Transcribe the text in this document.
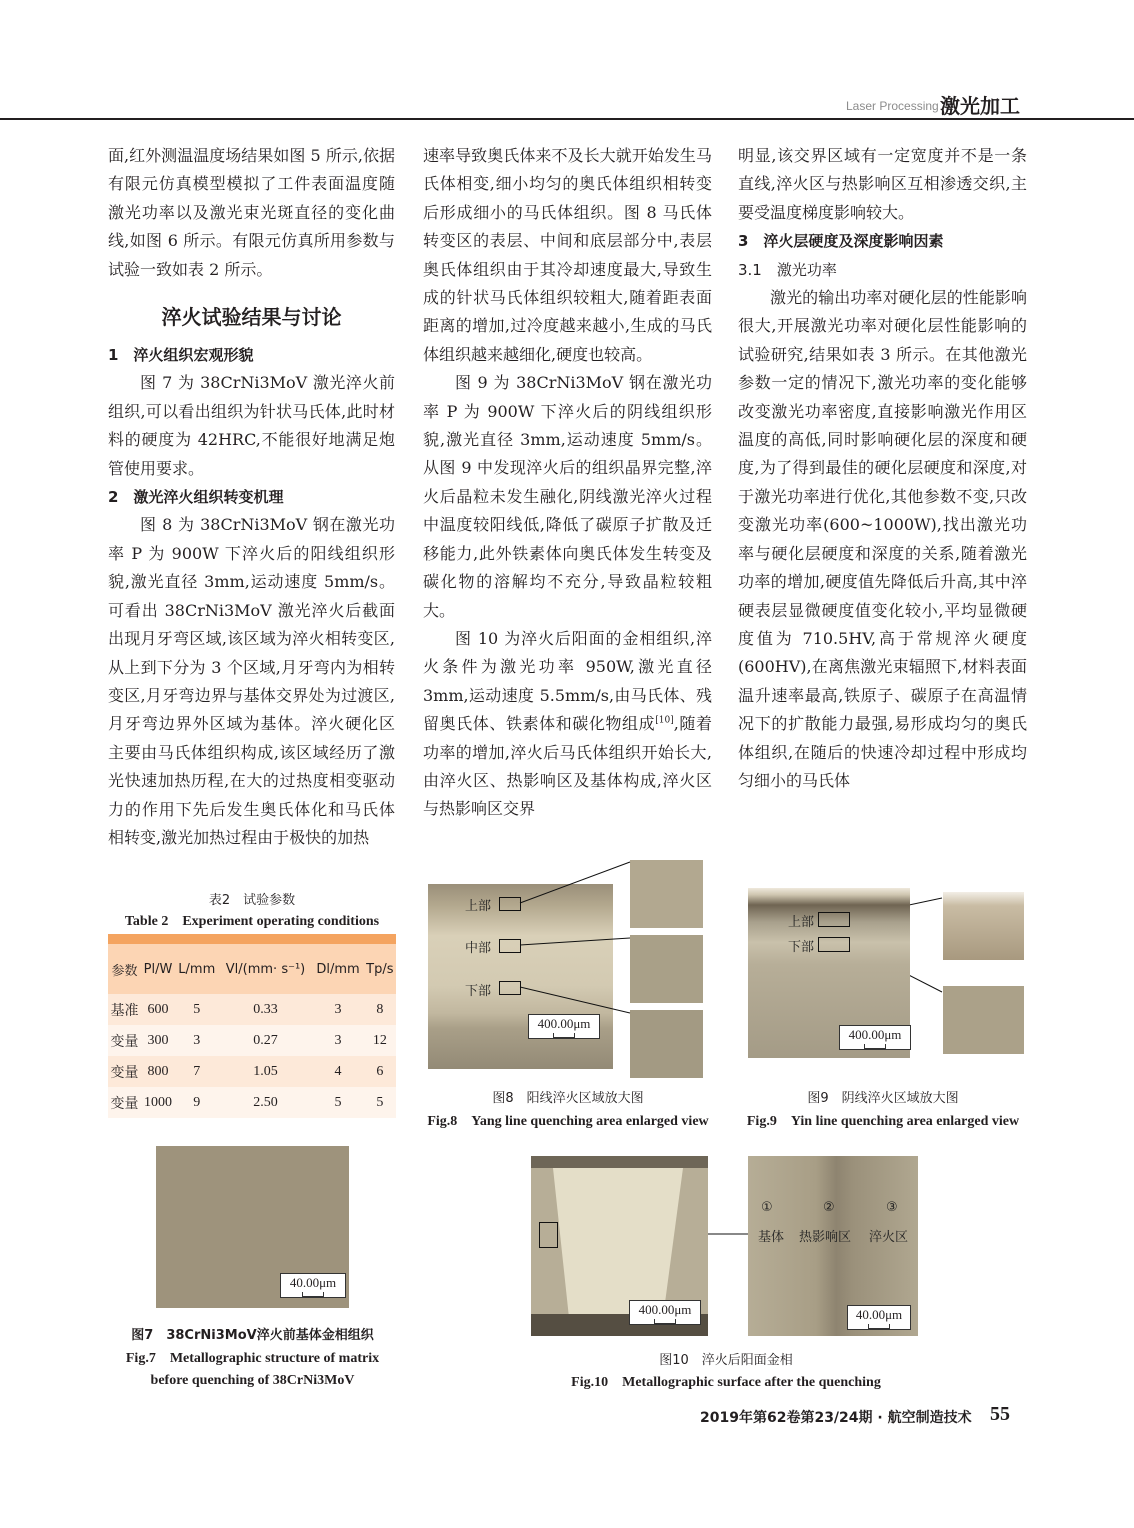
Laser Processing 激光加工

面,红外测温温度场结果如图 5 所示,依据有限元仿真模型模拟了工件表面温度随激光功率以及激光束光斑直径的变化曲线,如图 6 所示。有限元仿真所用参数与试验一致如表 2 所示。

淬火试验结果与讨论

1　淬火组织宏观形貌

图 7 为 38CrNi3MoV 激光淬火前组织,可以看出组织为针状马氏体,此时材料的硬度为 42HRC,不能很好地满足炮管使用要求。

2　激光淬火组织转变机理

图 8 为 38CrNi3MoV 钢在激光功率 P 为 900W 下淬火后的阳线组织形貌,激光直径 3mm,运动速度 5mm/s。可看出 38CrNi3MoV 激光淬火后截面出现月牙弯区域,该区域为淬火相转变区,从上到下分为 3 个区域,月牙弯内为相转变区,月牙弯边界与基体交界处为过渡区,月牙弯边界外区域为基体。淬火硬化区主要由马氏体组织构成,该区域经历了激光快速加热历程,在大的过热度相变驱动力的作用下先后发生奥氏体化和马氏体相转变,激光加热过程由于极快的加热

速率导致奥氏体来不及长大就开始发生马氏体相变,细小均匀的奥氏体组织相转变后形成细小的马氏体组织。图 8 马氏体转变区的表层、中间和底层部分中,表层奥氏体组织由于其冷却速度最大,导致生成的针状马氏体组织较粗大,随着距表面距离的增加,过冷度越来越小,生成的马氏体组织越来越细化,硬度也较高。

图 9 为 38CrNi3MoV 钢在激光功率 P 为 900W 下淬火后的阴线组织形貌,激光直径 3mm,运动速度 5mm/s。从图 9 中发现淬火后的组织晶界完整,淬火后晶粒未发生融化,阴线激光淬火过程中温度较阳线低,降低了碳原子扩散及迁移能力,此外铁素体向奥氏体发生转变及碳化物的溶解均不充分,导致晶粒较粗大。

图 10 为淬火后阳面的金相组织,淬火条件为激光功率 950W,激光直径 3mm,运动速度 5.5mm/s,由马氏体、残留奥氏体、铁素体和碳化物组成[10],随着功率的增加,淬火后马氏体组织开始长大,由淬火区、热影响区及基体构成,淬火区与热影响区交界

明显,该交界区域有一定宽度并不是一条直线,淬火区与热影响区互相渗透交织,主要受温度梯度影响较大。

3　淬火层硬度及深度影响因素

3.1　激光功率

激光的输出功率对硬化层的性能影响很大,开展激光功率对硬化层性能影响的试验研究,结果如表 3 所示。在其他激光参数一定的情况下,激光功率的变化能够改变激光功率密度,直接影响激光作用区温度的高低,同时影响硬化层的深度和硬度,为了得到最佳的硬化层硬度和深度,对于激光功率进行优化,其他参数不变,只改变激光功率(600~1000W),找出激光功率与硬化层硬度和深度的关系,随着激光功率的增加,硬度值先降低后升高,其中淬硬表层显微硬度值变化较小,平均显微硬度值为 710.5HV,高于常规淬火硬度(600HV),在离焦激光束辐照下,材料表面温升速率最高,铁原子、碳原子在高温情况下的扩散能力最强,易形成均匀的奥氏体组织,在随后的快速冷却过程中形成均匀细小的马氏体

表2　试验参数
Table 2　Experiment operating conditions

参数	Pl/W	L/mm	Vl/(mm· s⁻¹)	Dl/mm	Tp/s
基准	600	5	0.33	3	8
变量	300	3	0.27	3	12
变量	800	7	1.05	4	6
变量	1000	9	2.50	5	5
上部
中部
下部
400.00μm
图8　阳线淬火区域放大图
Fig.8　Yang line quenching area enlarged view
上部
下部
400.00μm
图9　阴线淬火区域放大图
Fig.9　Yin line quenching area enlarged view
40.00μm
图7　38CrNi3MoV淬火前基体金相组织
Fig.7　Metallographic structure of matrix
before quenching of 38CrNi3MoV
400.00μm
①	②	③
基体 热影响区 淬火区
40.00μm
图10　淬火后阳面金相
Fig.10　Metallographic surface after the quenching
2019年第62卷第23/24期 · 航空制造技术 55
